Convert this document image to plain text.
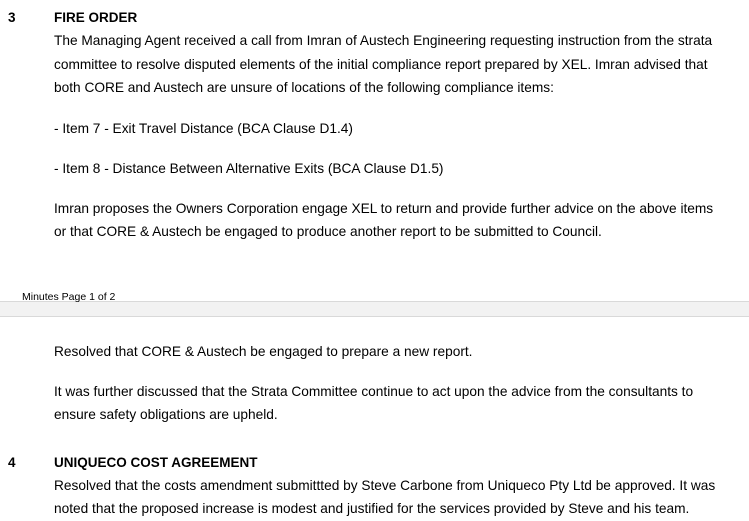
3	FIRE ORDER

The Managing Agent received a call from Imran of Austech Engineering requesting instruction from the strata committee to resolve disputed elements of the initial compliance report prepared by XEL. Imran advised that both CORE and Austech are unsure of locations of the following compliance items:

- Item 7 - Exit Travel Distance (BCA Clause D1.4)

- Item 8 - Distance Between Alternative Exits (BCA Clause D1.5)

Imran proposes the Owners Corporation engage XEL to return and provide further advice on the above items or that CORE & Austech be engaged to produce another report to be submitted to Council.

Minutes Page 1 of 2

Resolved that CORE & Austech be engaged to prepare a new report.

It was further discussed that the Strata Committee continue to act upon the advice from the consultants to ensure safety obligations are upheld.

4	UNIQUECO COST AGREEMENT

Resolved that the costs amendment submittted by Steve Carbone from Uniqueco Pty Ltd be approved. It was noted that the proposed increase is modest and justified for the services provided by Steve and his team.
